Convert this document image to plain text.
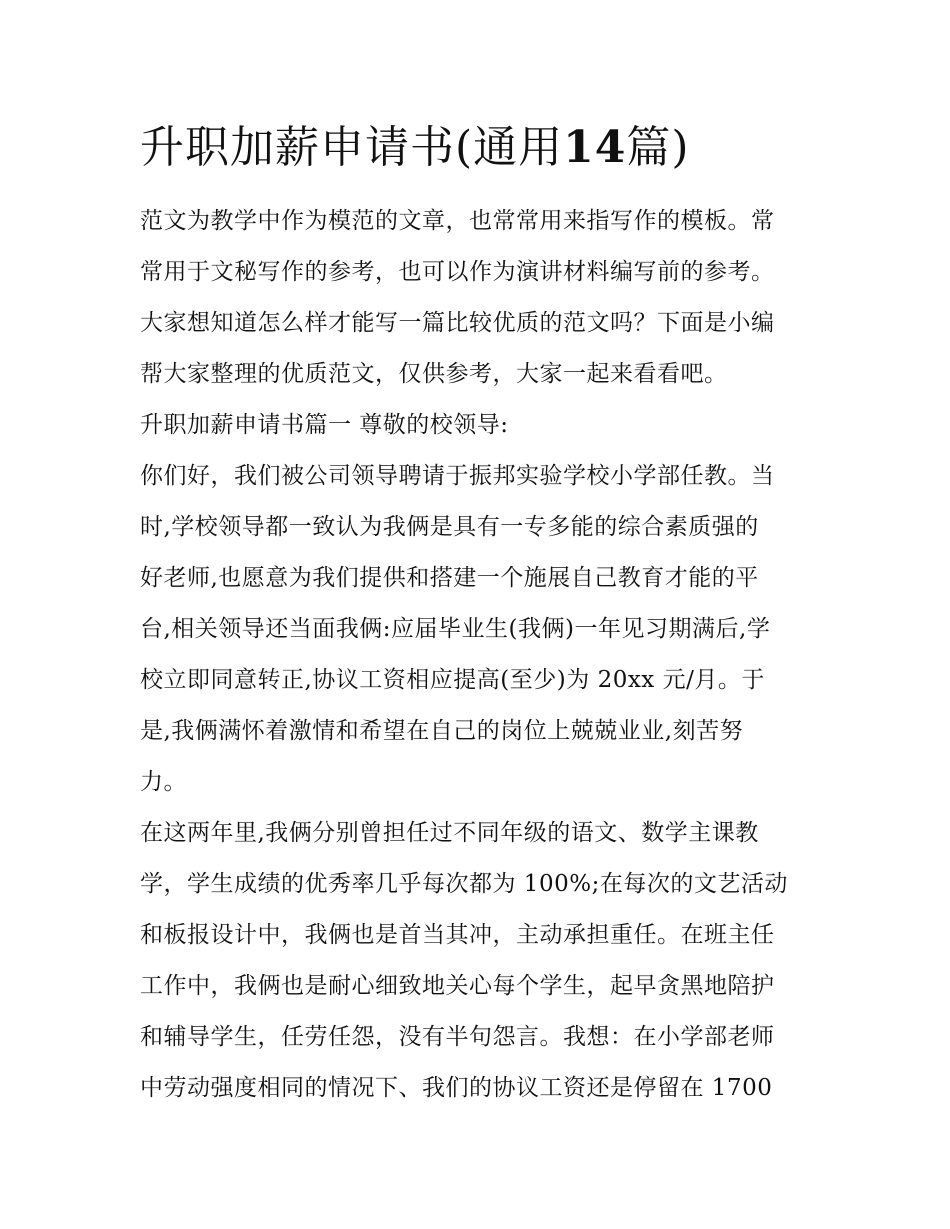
升职加薪申请书(通用14篇)

范文为教学中作为模范的文章，也常常用来指写作的模板。常

常用于文秘写作的参考，也可以作为演讲材料编写前的参考。

大家想知道怎么样才能写一篇比较优质的范文吗？下面是小编

帮大家整理的优质范文，仅供参考，大家一起来看看吧。

升职加薪申请书篇一 尊敬的校领导:

你们好，我们被公司领导聘请于振邦实验学校小学部任教。当

时,学校领导都一致认为我俩是具有一专多能的综合素质强的

好老师,也愿意为我们提供和搭建一个施展自己教育才能的平

台,相关领导还当面我俩:应届毕业生(我俩)一年见习期满后,学

校立即同意转正,协议工资相应提高(至少)为 20xx 元/月。于

是,我俩满怀着激情和希望在自己的岗位上兢兢业业,刻苦努

力。

在这两年里,我俩分别曾担任过不同年级的语文、数学主课教

学，学生成绩的优秀率几乎每次都为 100%;在每次的文艺活动

和板报设计中，我俩也是首当其冲，主动承担重任。在班主任

工作中，我俩也是耐心细致地关心每个学生，起早贪黑地陪护

和辅导学生，任劳任怨，没有半句怨言。我想：在小学部老师

中劳动强度相同的情况下、我们的协议工资还是停留在 1700
